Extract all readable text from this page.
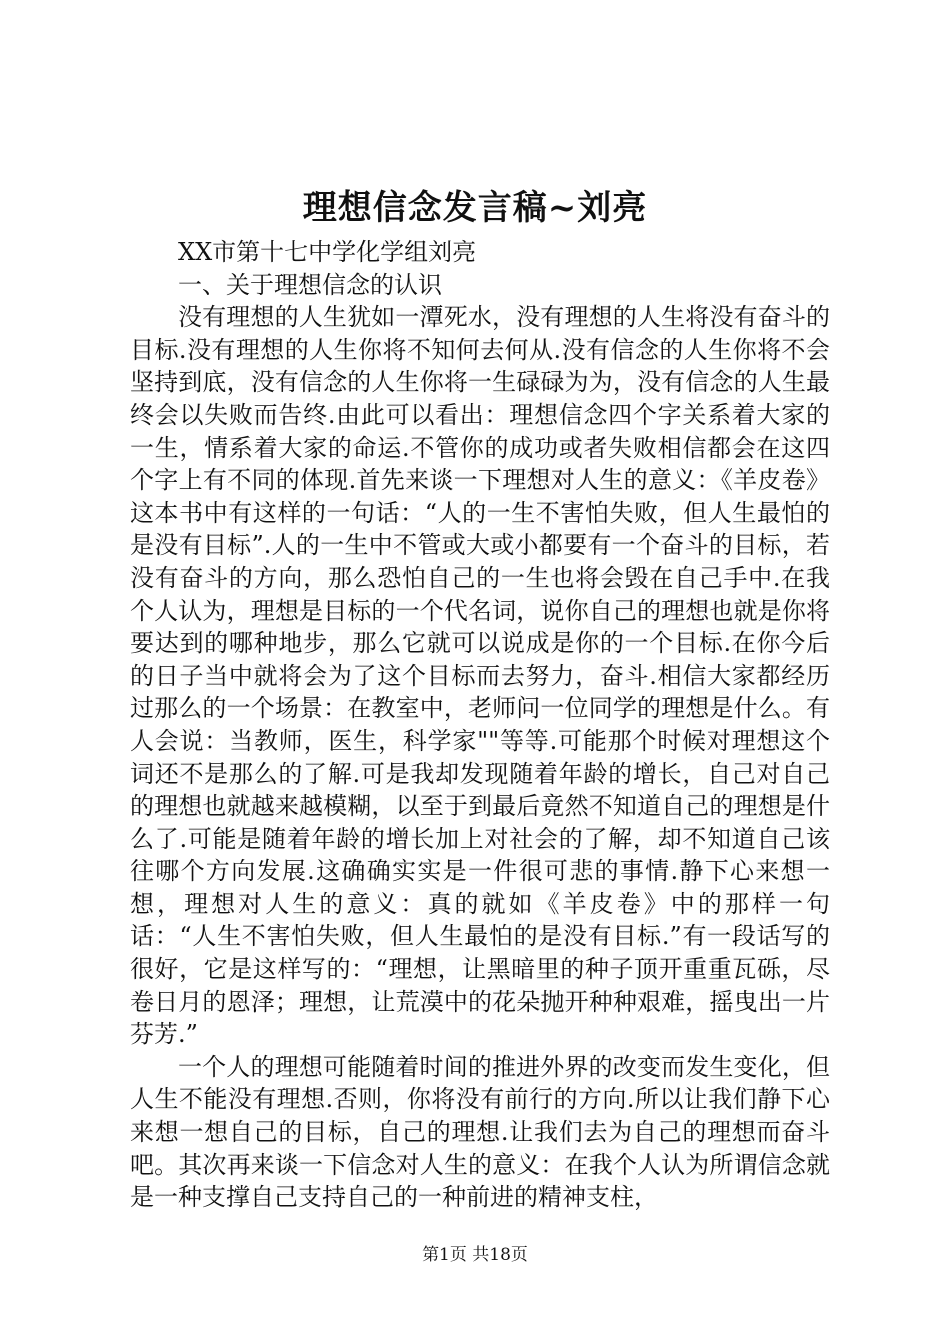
理想信念发言稿~刘亮

XX市第十七中学化学组刘亮

一、关于理想信念的认识

没有理想的人生犹如一潭死水，没有理想的人生将没有奋斗的目标.没有理想的人生你将不知何去何从.没有信念的人生你将不会坚持到底，没有信念的人生你将一生碌碌为为，没有信念的人生最终会以失败而告终.由此可以看出：理想信念四个字关系着大家的一生，情系着大家的命运.不管你的成功或者失败相信都会在这四个字上有不同的体现.首先来谈一下理想对人生的意义：《羊皮卷》这本书中有这样的一句话：“人的一生不害怕失败，但人生最怕的是没有目标”.人的一生中不管或大或小都要有一个奋斗的目标，若没有奋斗的方向，那么恐怕自己的一生也将会毁在自己手中.在我个人认为，理想是目标的一个代名词，说你自己的理想也就是你将要达到的哪种地步，那么它就可以说成是你的一个目标.在你今后的日子当中就将会为了这个目标而去努力，奋斗.相信大家都经历过那么的一个场景：在教室中，老师问一位同学的理想是什么。有人会说：当教师，医生，科学家""等等.可能那个时候对理想这个词还不是那么的了解.可是我却发现随着年龄的增长，自己对自己的理想也就越来越模糊，以至于到最后竟然不知道自己的理想是什么了.可能是随着年龄的增长加上对社会的了解，却不知道自己该往哪个方向发展.这确确实实是一件很可悲的事情.静下心来想一想，理想对人生的意义：真的就如《羊皮卷》中的那样一句话：“人生不害怕失败，但人生最怕的是没有目标.”有一段话写的很好，它是这样写的：“理想，让黑暗里的种子顶开重重瓦砾，尽卷日月的恩泽；理想，让荒漠中的花朵抛开种种艰难，摇曳出一片芬芳.”

一个人的理想可能随着时间的推进外界的改变而发生变化，但人生不能没有理想.否则，你将没有前行的方向.所以让我们静下心来想一想自己的目标，自己的理想.让我们去为自己的理想而奋斗吧。其次再来谈一下信念对人生的意义：在我个人认为所谓信念就是一种支撑自己支持自己的一种前进的精神支柱，

第1页 共18页
